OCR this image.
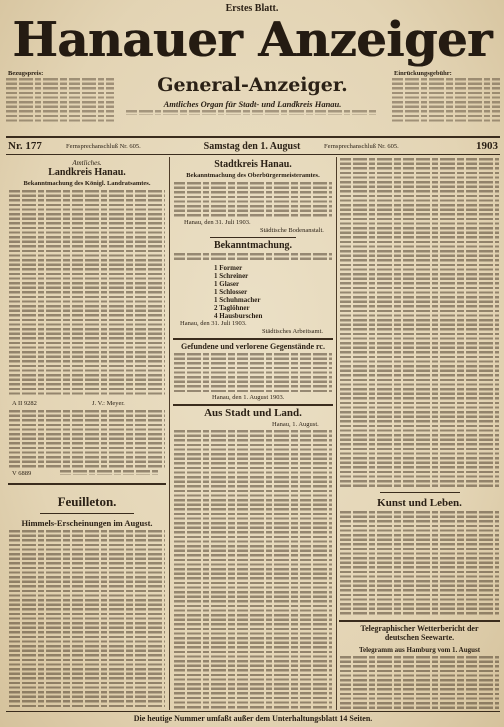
Erstes Blatt.
Hanauer Anzeiger
Bezugspreis:
General-Anzeiger.
Amtliches Organ für Stadt- und Landkreis Hanau.
Einrückungsgebühr:
Nr. 177	Fernsprechanschluß Nr. 605.	Samstag den 1. August	Fernsprechanschluß Nr. 605.	1903
Amtliches.
Landkreis Hanau.
Bekanntmachung des Königl. Landratsamtes.
A II 9282	J. V.: Meyer.
V 6889
Feuilleton.
Himmels-Erscheinungen im August.
Stadtkreis Hanau.
Bekanntmachung des Oberbürgermeisteramtes.
Hanau, den 31. Juli 1903.
Städtische Bodenanstalt.
Bekanntmachung.
1 Former
1 Schreiner
1 Glaser
1 Schlosser
1 Schuhmacher
2 Taglöhner
4 Hausburschen
Hanau, den 31. Juli 1903.
Städtisches Arbeitsamt.
Gefundene und verlorene Gegenstände rc.
Hanau, den 1. August 1903.
Aus Stadt und Land.
Hanau, 1. August.
Kunst und Leben.
Telegraphischer Wetterbericht der deutschen Seewarte.
Telegramm aus Hamburg vom 1. August
Die heutige Nummer umfaßt außer dem Unterhaltungsblatt 14 Seiten.
